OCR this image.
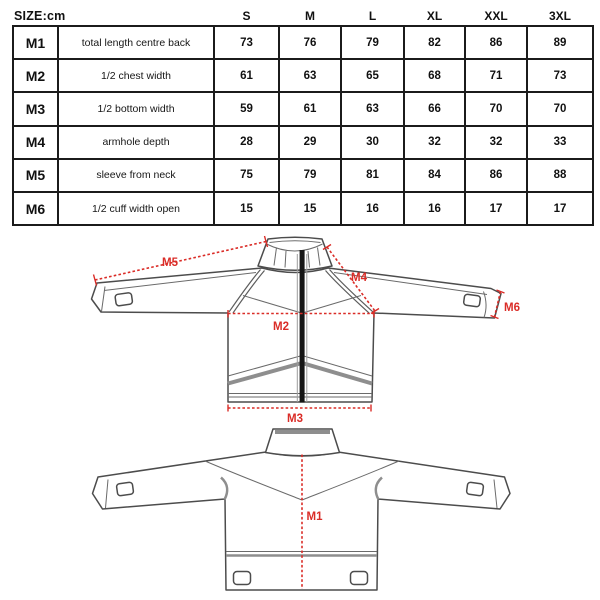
SIZE:cm		S	M	L	XL	XXL	3XL
M1	total length centre back	73	76	79	82	86	89
M2	1/2 chest width	61	63	65	68	71	73
M3	1/2 bottom width	59	61	63	66	70	70
M4	armhole depth	28	29	30	32	32	33
M5	sleeve from neck	75	79	81	84	86	88
M6	1/2 cuff width open	15	15	16	16	17	17
M5
M4
M2
M3
M6
M1
